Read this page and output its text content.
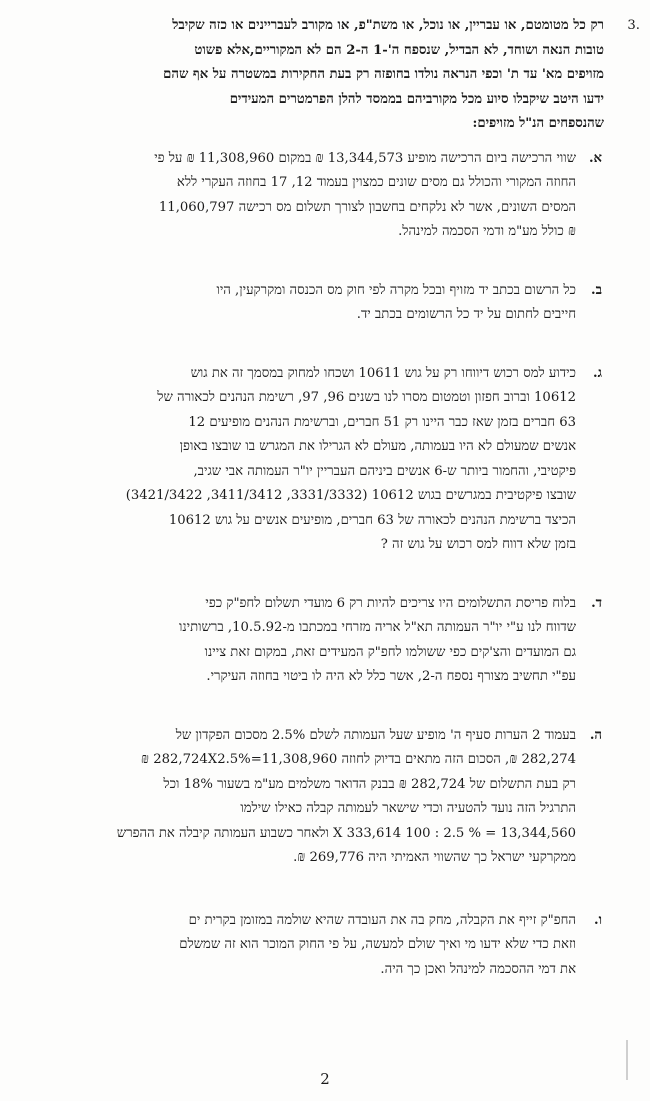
.3
רק כל מטומטם, או עבריין, או נוכל, או משת"פ, או מקורב לעבריינים או כזה שקיבל
טובות הנאה ושוחד, לא הבדיל, שנספח ה'-1 ה-2 הם לא המקוריים,אלא פשוט
מזויפים מא' עד ת' וכפי הנראה נולדו בחופזה רק בעת החקירות במשטרה על אף שהם
ידעו היטב שיקבלו סיוע מכל מקורביהם בממסד להלן הפרמטרים המעידים
שהנספחים הנ"ל מזויפים:
א.
שווי הרכישה ביום הרכישה מופיע 13,344,573 ₪ במקום 11,308,960 ₪ על פי
החוזה המקורי והכולל גם מסים שונים כמצוין בעמוד 12, 17 בחוזה העקרי ללא
המסים השונים, אשר לא נלקחים בחשבון לצורך תשלום מס רכישה 11,060,797
₪ כולל מע"מ ודמי הסכמה למינהל.
ב.
כל הרשום בכתב יד מזויף ובכל מקרה לפי חוק מס הכנסה ומקרקעין, היו
חייבים לחתום על יד כל הרשומים בכתב יד.
ג.
כידוע למס רכוש דיווחו רק על גוש 10611 ושכחו למחוק במסמך זה את גוש
10612 וברוב חפזון וטמטום מסרו לנו בשנים 96, 97, רשימת הנהנים לכאורה של
63 חברים בזמן שאז כבר היינו רק 51 חברים, וברשימת הנהנים מופיעים 12
אנשים שמעולם לא היו בעמותה, מעולם לא הגרילו את המגרש בו שובצו באופן
פיקטיבי, והחמור ביותר ש-6 אנשים ביניהם העבריין יו"ר העמותה אבי שגיב,
שובצו פיקטיבית במגרשים בגוש 10612 (3331/3332, 3411/3412, 3421/3422)
הכיצד ברשימת הנהנים לכאורה של 63 חברים, מופיעים אנשים על גוש 10612
בזמן שלא דווח למס רכוש על גוש זה ?
ד.
בלוח פריסת התשלומים היו צריכים להיות רק 6 מועדי תשלום לחפ"ק כפי
שדווח לנו ע"י יו"ר העמותה תא"ל אריה מזרחי במכתבו מ-10.5.92, ברשותינו
גם המועדים והצ'קים כפי ששולמו לחפ"ק המעידים זאת, במקום זאת ציינו
עפ"י תחשיב מצורף נספח ה-2, אשר כלל לא היה לו ביטוי בחוזה העיקרי.
ה.
בעמוד 2 הערות סעיף ה' מופיע שעל העמותה לשלם 2.5% מסכום הפקדון של
282,274 ₪, הסכום הזה מתאים בדיוק לחוזה 282,724X2.5%=11,308,960 ₪
רק בעת התשלום של 282,724 ₪ בבנק הדואר משלמים מע"מ בשעור 18% וכל
התרגיל הזה נועד להטעיה וכדי שישאר לעמותה קבלה כאילו שילמו
13,344,560 = % 2.5 : 100 X 333,614 ולאחר כשבוע העמותה קיבלה את ההפרש
ממקרקעי ישראל כך שהשווי האמיתי היה 269,776 ₪.
ו.
החפ"ק זייף את הקבלה, מחק בה את העובדה שהיא שולמה במזומן בקרית ים
וזאת כדי שלא ידעו מי ואיך שולם למעשה, על פי החוק המוכר הוא זה שמשלם
את דמי ההסכמה למינהל ואכן כך היה.
2
